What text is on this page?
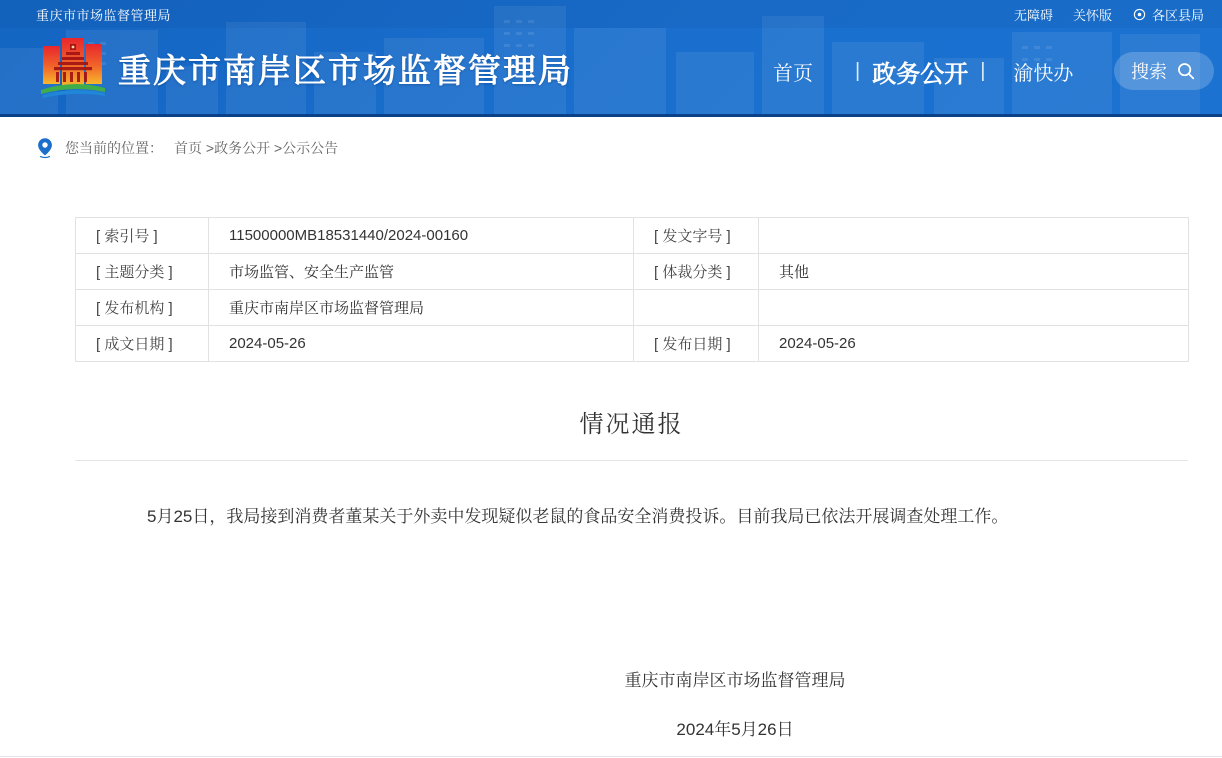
重庆市市场监督管理局	无障碍 关怀版	各区县局
重庆市南岸区市场监督管理局	首页 | 政务公开 | 渝快办	搜索
您当前的位置： 首页 > 政务公开 > 公示公告
[ 索引号 ]	11500000MB18531440/2024-00160	[ 发文字号 ]	
[ 主题分类 ]	市场监管、安全生产监管	[ 体裁分类 ]	其他
[ 发布机构 ]	重庆市南岸区市场监督管理局		
[ 成文日期 ]	2024-05-26	[ 发布日期 ]	2024-05-26
情况通报

5月25日，我局接到消费者董某关于外卖中发现疑似老鼠的食品安全消费投诉。目前我局已依法开展调查处理工作。

重庆市南岸区市场监督管理局
2024年5月26日
